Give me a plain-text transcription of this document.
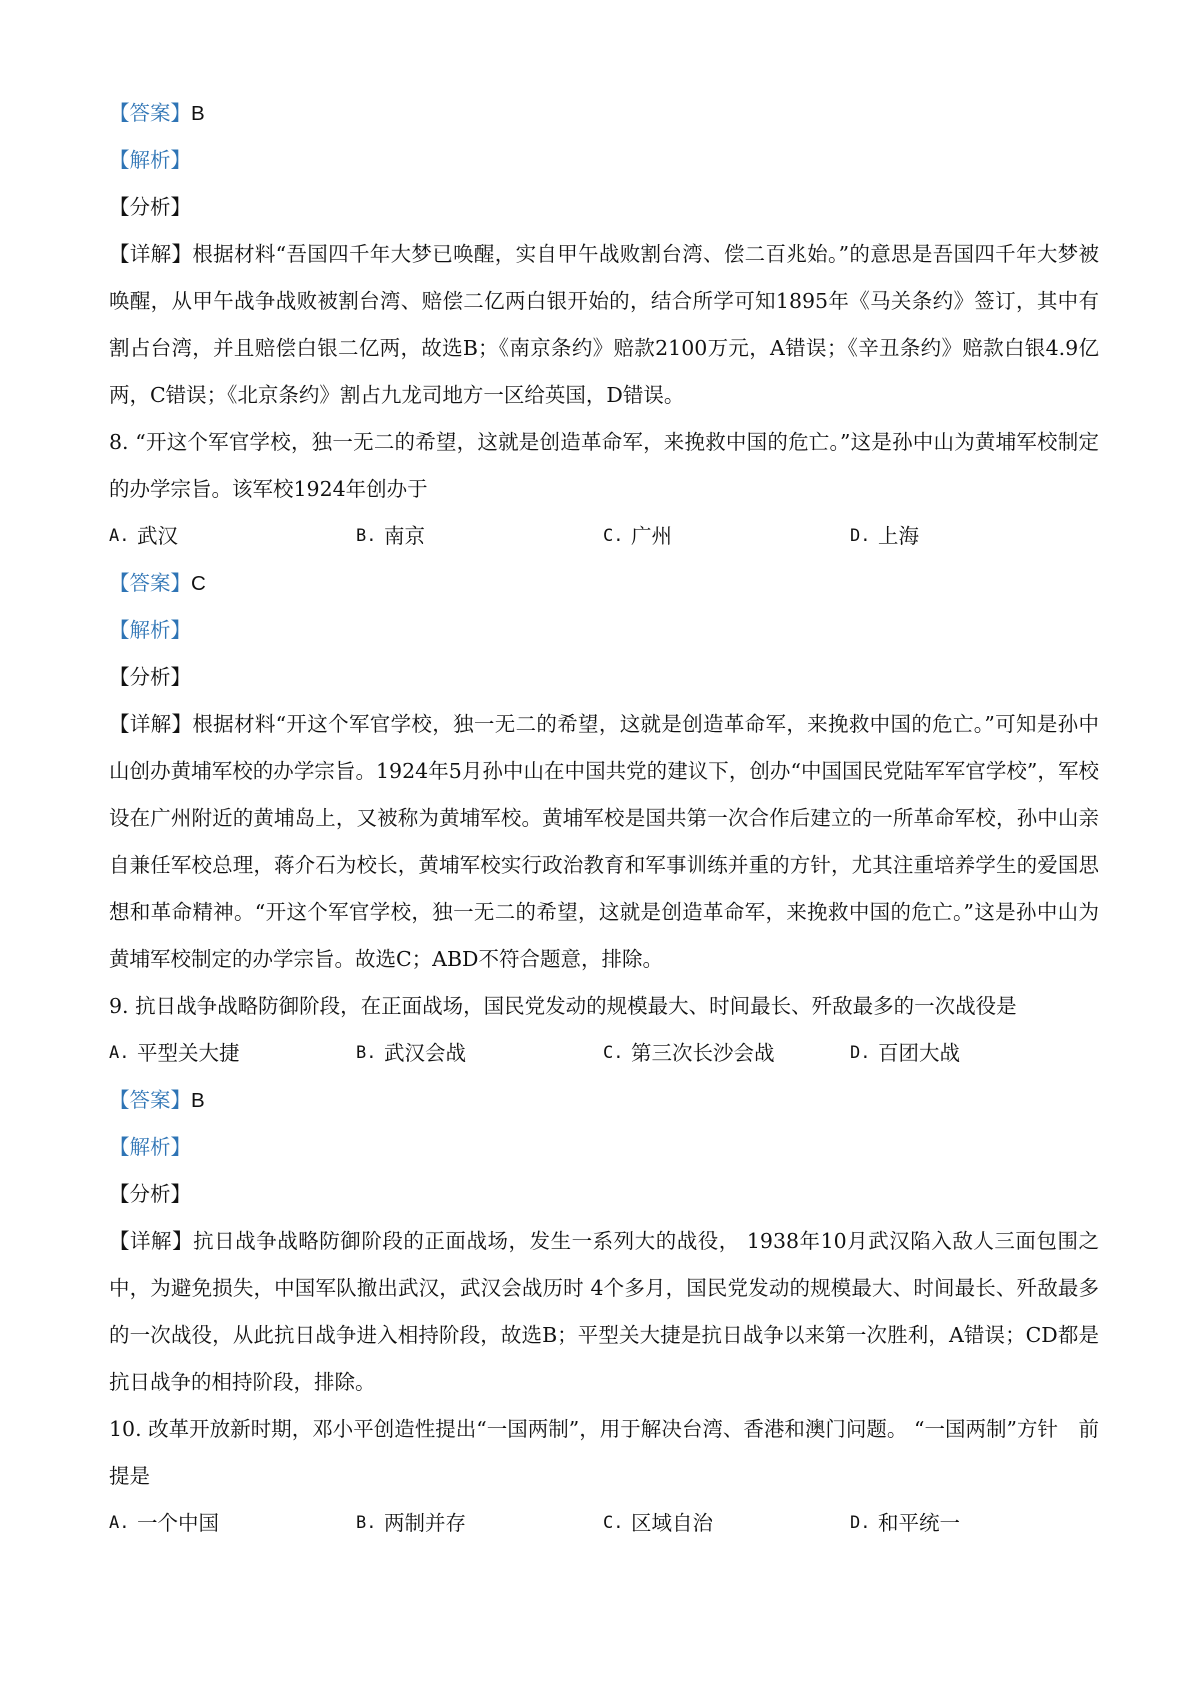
【答案】B
【解析】
【分析】

【详解】根据材料“吾国四千年大梦已唤醒，实自甲午战败割台湾、偿二百兆始。”的意思是吾国四千年大梦被唤醒，从甲午战争战败被割台湾、赔偿二亿两白银开始的，结合所学可知1895年《马关条约》签订，其中有割占台湾，并且赔偿白银二亿两，故选B；《南京条约》赔款2100万元，A错误；《辛丑条约》赔款白银4.9亿两，C错误；《北京条约》割占九龙司地方一区给英国，D错误。

8. “开这个军官学校，独一无二的希望，这就是创造革命军，来挽救中国的危亡。”这是孙中山为黄埔军校制定的办学宗旨。该军校1924年创办于

A. 武汉	B. 南京	C. 广州	D. 上海
【答案】C
【解析】
【分析】

【详解】根据材料“开这个军官学校，独一无二的希望，这就是创造革命军，来挽救中国的危亡。”可知是孙中山创办黄埔军校的办学宗旨。1924年5月孙中山在中国共党的建议下，创办“中国国民党陆军军官学校”，军校设在广州附近的黄埔岛上，又被称为黄埔军校。黄埔军校是国共第一次合作后建立的一所革命军校，孙中山亲自兼任军校总理，蒋介石为校长，黄埔军校实行政治教育和军事训练并重的方针，尤其注重培养学生的爱国思想和革命精神。“开这个军官学校，独一无二的希望，这就是创造革命军，来挽救中国的危亡。”这是孙中山为黄埔军校制定的办学宗旨。故选C；ABD不符合题意，排除。

9. 抗日战争战略防御阶段，在正面战场，国民党发动的规模最大、时间最长、歼敌最多的一次战役是

A. 平型关大捷	B. 武汉会战	C. 第三次长沙会战	D. 百团大战
【答案】B
【解析】
【分析】

【详解】抗日战争战略防御阶段的正面战场，发生一系列大的战役， 1938年10月武汉陷入敌人三面包围之中，为避免损失，中国军队撤出武汉，武汉会战历时 4个多月，国民党发动的规模最大、时间最长、歼敌最多的一次战役，从此抗日战争进入相持阶段，故选B；平型关大捷是抗日战争以来第一次胜利，A错误；CD都是抗日战争的相持阶段，排除。

10. 改革开放新时期，邓小平创造性提出“一国两制”，用于解决台湾、香港和澳门问题。 “一国两制”方针　前提是

A. 一个中国	B. 两制并存	C. 区域自治	D. 和平统一
